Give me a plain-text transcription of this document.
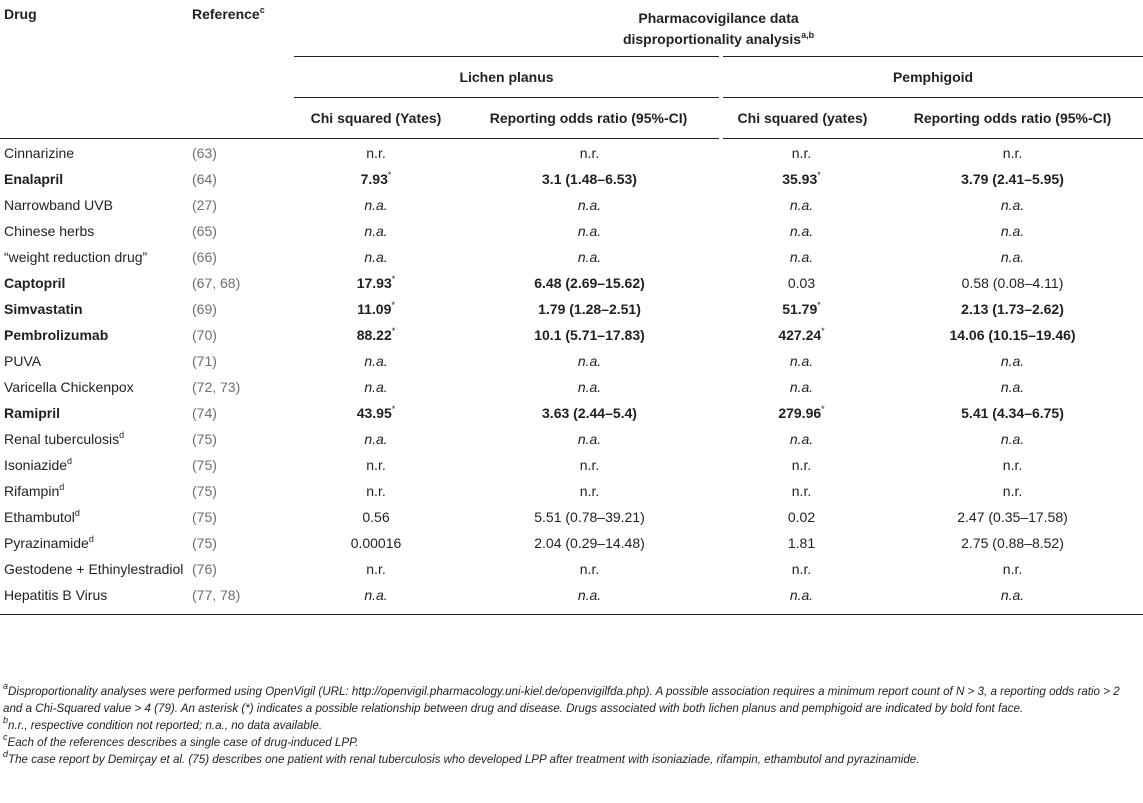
Drug	Reference$^c$	Pharmacovigilance data
disproportionality analysis$^{a,b}$

		Lichen planus		Pemphigoid	
		Chi squared (Yates)	Reporting odds ratio (95%-CI)	Chi squared (yates)	Reporting odds ratio (95%-CI)
Cinnarizine	(63)	n.r.	n.r.	n.r.	n.r.
Enalapril	(64)	7.93*	3.1 (1.48–6.53)	35.93*	3.79 (2.41–5.95)
Narrowband UVB	(27)	n.a.	n.a.	n.a.	n.a.
Chinese herbs	(65)	n.a.	n.a.	n.a.	n.a.
“weight reduction drug”	(66)	n.a.	n.a.	n.a.	n.a.
Captopril	(67, 68)	17.93*	6.48 (2.69–15.62)	0.03	0.58 (0.08–4.11)
Simvastatin	(69)	11.09*	1.79 (1.28–2.51)	51.79*	2.13 (1.73–2.62)
Pembrolizumab	(70)	88.22*	10.1 (5.71–17.83)	427.24*	14.06 (10.15–19.46)
PUVA	(71)	n.a.	n.a.	n.a.	n.a.
Varicella Chickenpox	(72, 73)	n.a.	n.a.	n.a.	n.a.
Ramipril	(74)	43.95*	3.63 (2.44–5.4)	279.96*	5.41 (4.34–6.75)
Renal tuberculosis$^d$	(75)	n.a.	n.a.	n.a.	n.a.
Isoniazide$^d$	(75)	n.r.	n.r.	n.r.	n.r.
Rifampin$^d$	(75)	n.r.	n.r.	n.r.	n.r.
Ethambutol$^d$	(75)	0.56	5.51 (0.78–39.21)	0.02	2.47 (0.35–17.58)
Pyrazinamide$^d$	(75)	0.00016	2.04 (0.29–14.48)	1.81	2.75 (0.88–8.52)
Gestodene + Ethinylestradiol	(76)	n.r.	n.r.	n.r.	n.r.
Hepatitis B Virus	(77, 78)	n.a.	n.a.	n.a.	n.a.

$^a$Disproportionality analyses were performed using OpenVigil (URL: http://openvigil.pharmacology.uni-kiel.de/openvigilfda.php). A possible association requires a minimum report count of N > 3, a reporting odds ratio > 2 and a Chi-Squared value > 4 (79). An asterisk (*) indicates a possible relationship between drug and disease. Drugs associated with both lichen planus and pemphigoid are indicated by bold font face.

$^b$n.r., respective condition not reported; n.a., no data available.

$^c$Each of the references describes a single case of drug-induced LPP.

$^d$The case report by Demirçay et al. (75) describes one patient with renal tuberculosis who developed LPP after treatment with isoniaziade, rifampin, ethambutol and pyrazinamide.
